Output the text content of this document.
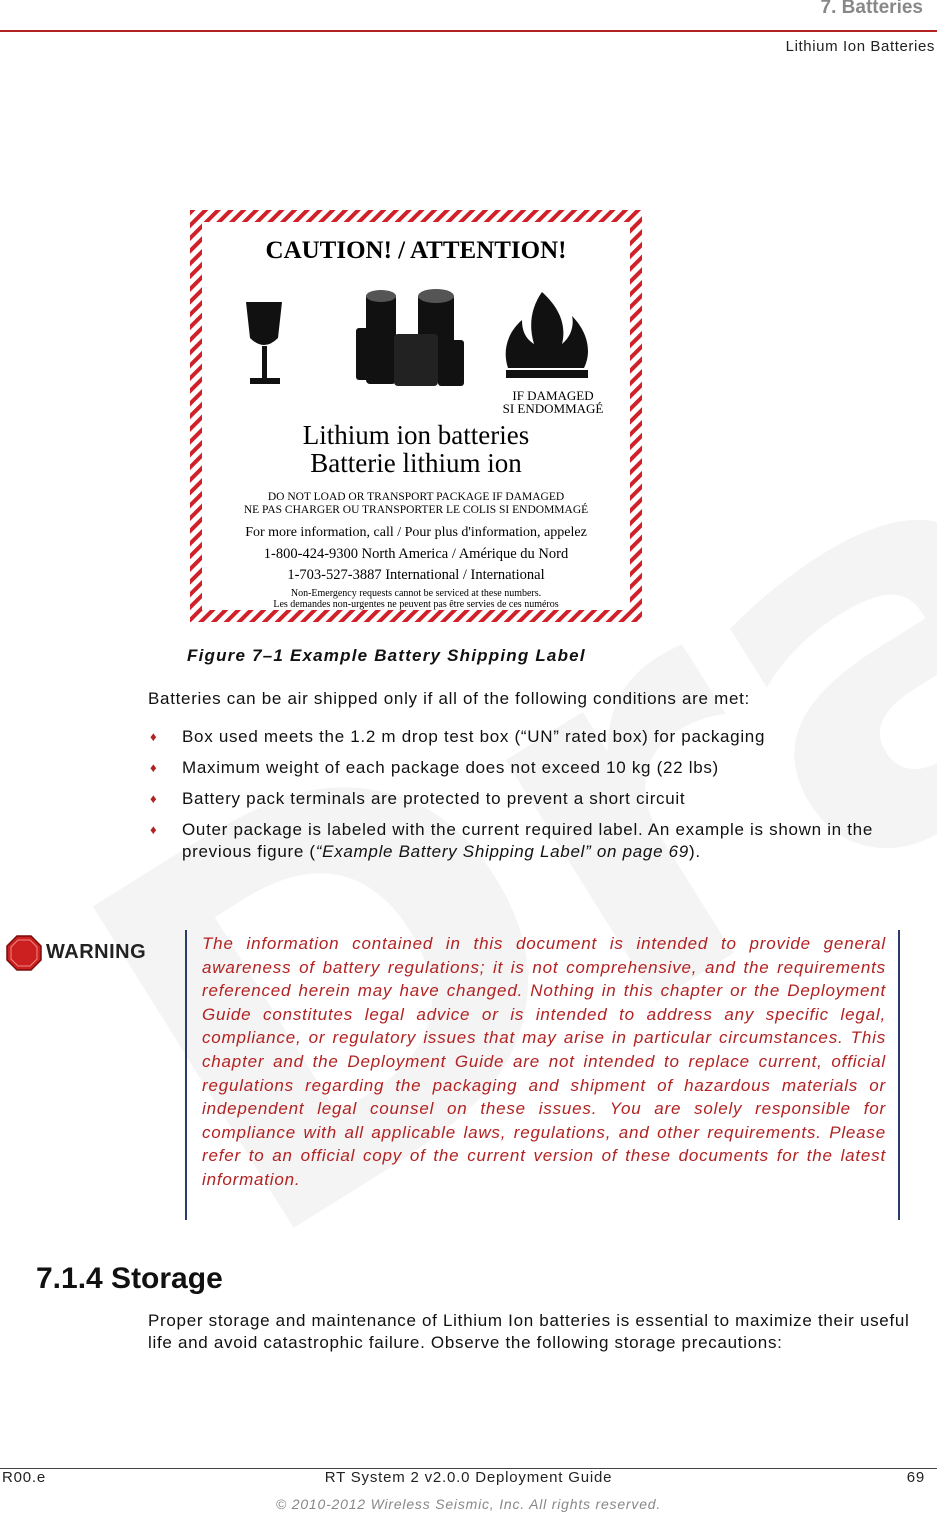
7. Batteries
Lithium Ion Batteries
CAUTION! / ATTENTION!
IF DAMAGED
SI ENDOMMAGÉ
Lithium ion batteries
Batterie lithium ion
DO NOT LOAD OR TRANSPORT PACKAGE IF DAMAGED
NE PAS CHARGER OU TRANSPORTER LE COLIS SI ENDOMMAGÉ
For more information, call / Pour plus d'information, appelez
1-800-424-9300 North America / Amérique du Nord
1-703-527-3887 International / International
Non-Emergency requests cannot be serviced at these numbers.
Les demandes non-urgentes ne peuvent pas être servies de ces numéros
Figure 7–1 Example Battery Shipping Label
Batteries can be air shipped only if all of the following conditions are met:
♦ Box used meets the 1.2 m drop test box (“UN” rated box) for packaging
♦ Maximum weight of each package does not exceed 10 kg (22 lbs)
♦ Battery pack terminals are protected to prevent a short circuit
♦ Outer package is labeled with the current required label. An example is shown in the previous figure (“Example Battery Shipping Label” on page 69).
WARNING	The information contained in this document is intended to provide general awareness of battery regulations; it is not comprehensive, and the requirements referenced herein may have changed. Nothing in this chapter or the Deployment Guide constitutes legal advice or is intended to address any specific legal, compliance, or regulatory issues that may arise in particular circumstances. This chapter and the Deployment Guide are not intended to replace current, official regulations regarding the packaging and shipment of hazardous materials or independent legal counsel on these issues. You are solely responsible for compliance with all applicable laws, regulations, and other requirements. Please refer to an official copy of the current version of these documents for the latest information.

7.1.4 Storage
Proper storage and maintenance of Lithium Ion batteries is essential to maximize their useful life and avoid catastrophic failure. Observe the following storage precautions:
R00.e	RT System 2 v2.0.0 Deployment Guide	69
© 2010-2012 Wireless Seismic, Inc. All rights reserved.
